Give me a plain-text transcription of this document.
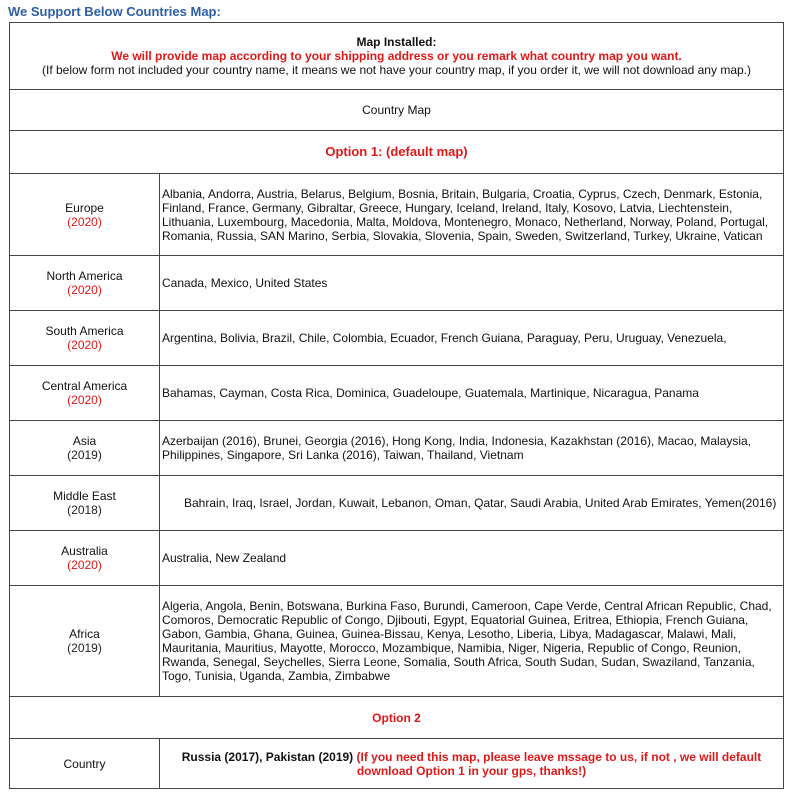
We Support Below Countries Map:
Map Installed:
We will provide map according to your shipping address or you remark what country map you want.
(If below form not included your country name, it means we not have your country map, if you order it, we will not download any map.)	

Country Map	
Option 1: (default map)	

Europe
(2020)	Albania, Andorra, Austria, Belarus, Belgium, Bosnia, Britain, Bulgaria, Croatia, Cyprus, Czech, Denmark, Estonia, Finland, France, Germany, Gibraltar, Greece, Hungary, Iceland, Ireland, Italy, Kosovo, Latvia, Liechtenstein, Lithuania, Luxembourg, Macedonia, Malta, Moldova, Montenegro, Monaco, Netherland, Norway, Poland, Portugal, Romania, Russia, SAN Marino, Serbia, Slovakia, Slovenia, Spain, Sweden, Switzerland, Turkey, Ukraine, Vatican

North America
(2020)	Canada, Mexico, United States

South America
(2020)	Argentina, Bolivia, Brazil, Chile, Colombia, Ecuador, French Guiana, Paraguay, Peru, Uruguay, Venezuela,

Central America
(2020)	Bahamas, Cayman, Costa Rica, Dominica, Guadeloupe, Guatemala, Martinique, Nicaragua, Panama

Asia
(2019)	Azerbaijan (2016), Brunei, Georgia (2016), Hong Kong, India, Indonesia, Kazakhstan (2016), Macao, Malaysia, Philippines, Singapore, Sri Lanka (2016), Taiwan, Thailand, Vietnam

Middle East
(2018)	Bahrain, Iraq, Israel, Jordan, Kuwait, Lebanon, Oman, Qatar, Saudi Arabia, United Arab Emirates, Yemen(2016)

Australia
(2020)	Australia, New Zealand

Africa
(2019)	Algeria, Angola, Benin, Botswana, Burkina Faso, Burundi, Cameroon, Cape Verde, Central African Republic, Chad, Comoros, Democratic Republic of Congo, Djibouti, Egypt, Equatorial Guinea, Eritrea, Ethiopia, French Guiana, Gabon, Gambia, Ghana, Guinea, Guinea-Bissau, Kenya, Lesotho, Liberia, Libya, Madagascar, Malawi, Mali, Mauritania, Mauritius, Mayotte, Morocco, Mozambique, Namibia, Niger, Nigeria, Republic of Congo, Reunion, Rwanda, Senegal, Seychelles, Sierra Leone, Somalia, South Africa, South Sudan, Sudan, Swaziland, Tanzania, Togo, Tunisia, Uganda, Zambia, Zimbabwe
Option 2	
Country	Russia (2017), Pakistan (2019) (If you need this map, please leave mssage to us, if not , we will default download Option 1 in your gps, thanks!)
